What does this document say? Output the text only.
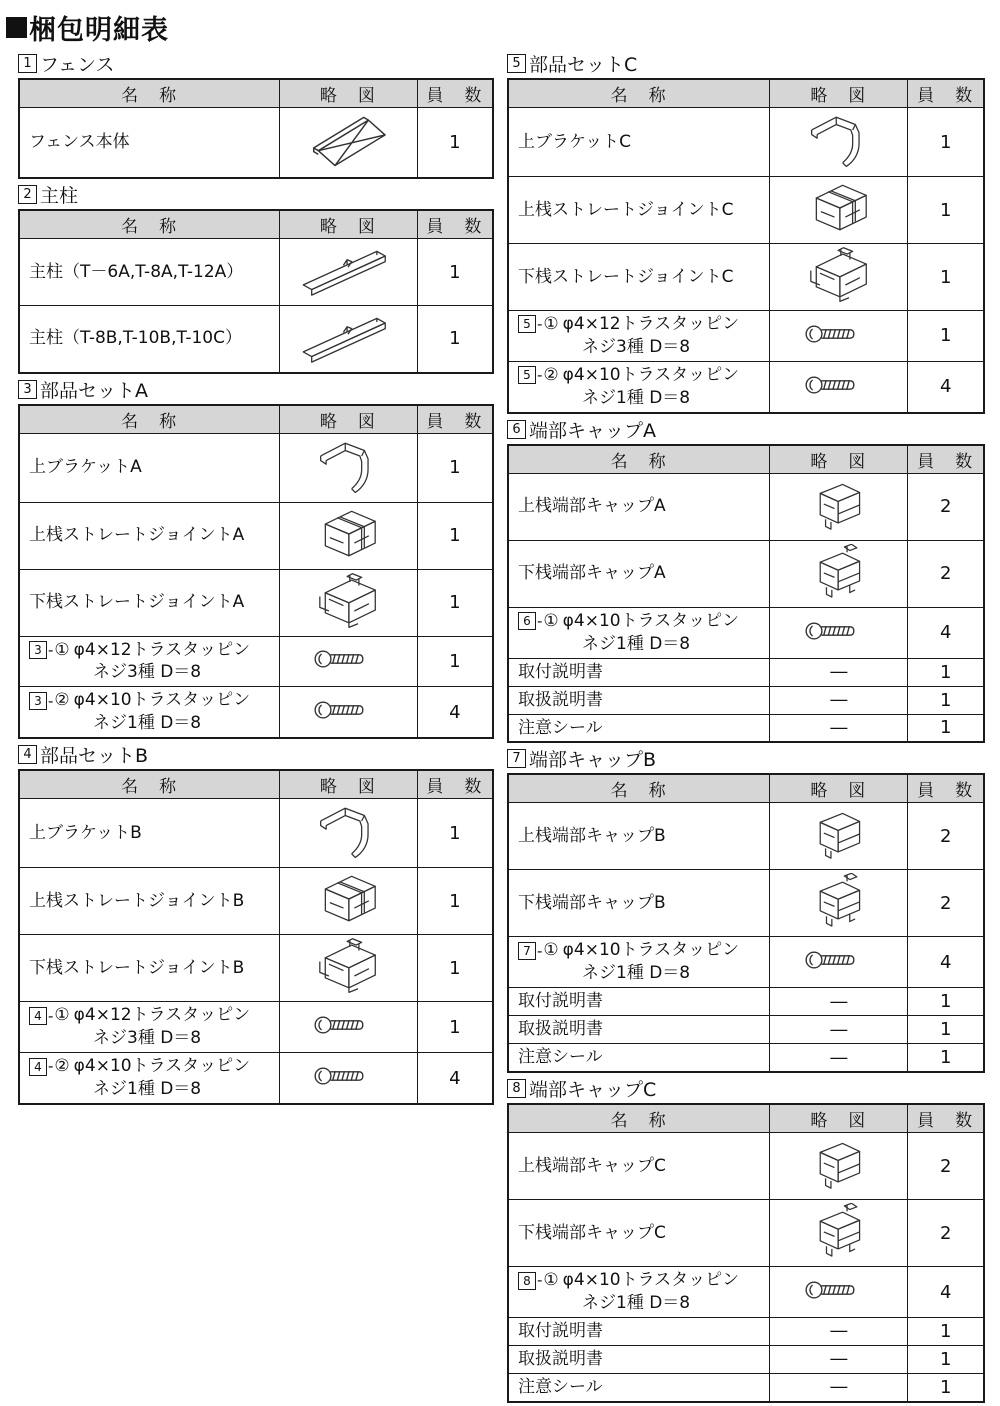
梱包明細表
1 フェンス
名　称	略　図	員　数

フェンス本体		1
2 主柱
名　称	略　図	員　数

主柱（T－6A,T-8A,T-12A）		1

主柱（T-8B,T-10B,T-10C）		1
3 部品セットA
名　称	略　図	員　数

上ブラケットA		1

上桟ストレートジョイントA		1

下桟ストレートジョイントA		1

3 - ① φ4×12トラスタッピン
ネジ3種 D＝8		1

3 - ② φ4×10トラスタッピン
ネジ1種 D＝8		4
4 部品セットB
名　称	略　図	員　数

上ブラケットB		1

上桟ストレートジョイントB		1

下桟ストレートジョイントB		1

4 - ① φ4×12トラスタッピン
ネジ3種 D＝8		1

4 - ② φ4×10トラスタッピン
ネジ1種 D＝8		4
5 部品セットC
名　称	略　図	員　数

上ブラケットC		1

上桟ストレートジョイントC		1

下桟ストレートジョイントC		1

5 - ① φ4×12トラスタッピン
ネジ3種 D＝8		1

5 - ② φ4×10トラスタッピン
ネジ1種 D＝8		4
6 端部キャップA
名　称	略　図	員　数

上桟端部キャップA		2

下桟端部キャップA		2

6 - ① φ4×10トラスタッピン
ネジ1種 D＝8		4

取付説明書	―	1

取扱説明書	―	1

注意シール	―	1
7 端部キャップB
名　称	略　図	員　数

上桟端部キャップB		2

下桟端部キャップB		2

7 - ① φ4×10トラスタッピン
ネジ1種 D＝8		4

取付説明書	―	1

取扱説明書	―	1

注意シール	―	1
8 端部キャップC
名　称	略　図	員　数

上桟端部キャップC		2

下桟端部キャップC		2

8 - ① φ4×10トラスタッピン
ネジ1種 D＝8		4

取付説明書	―	1

取扱説明書	―	1

注意シール	―	1
